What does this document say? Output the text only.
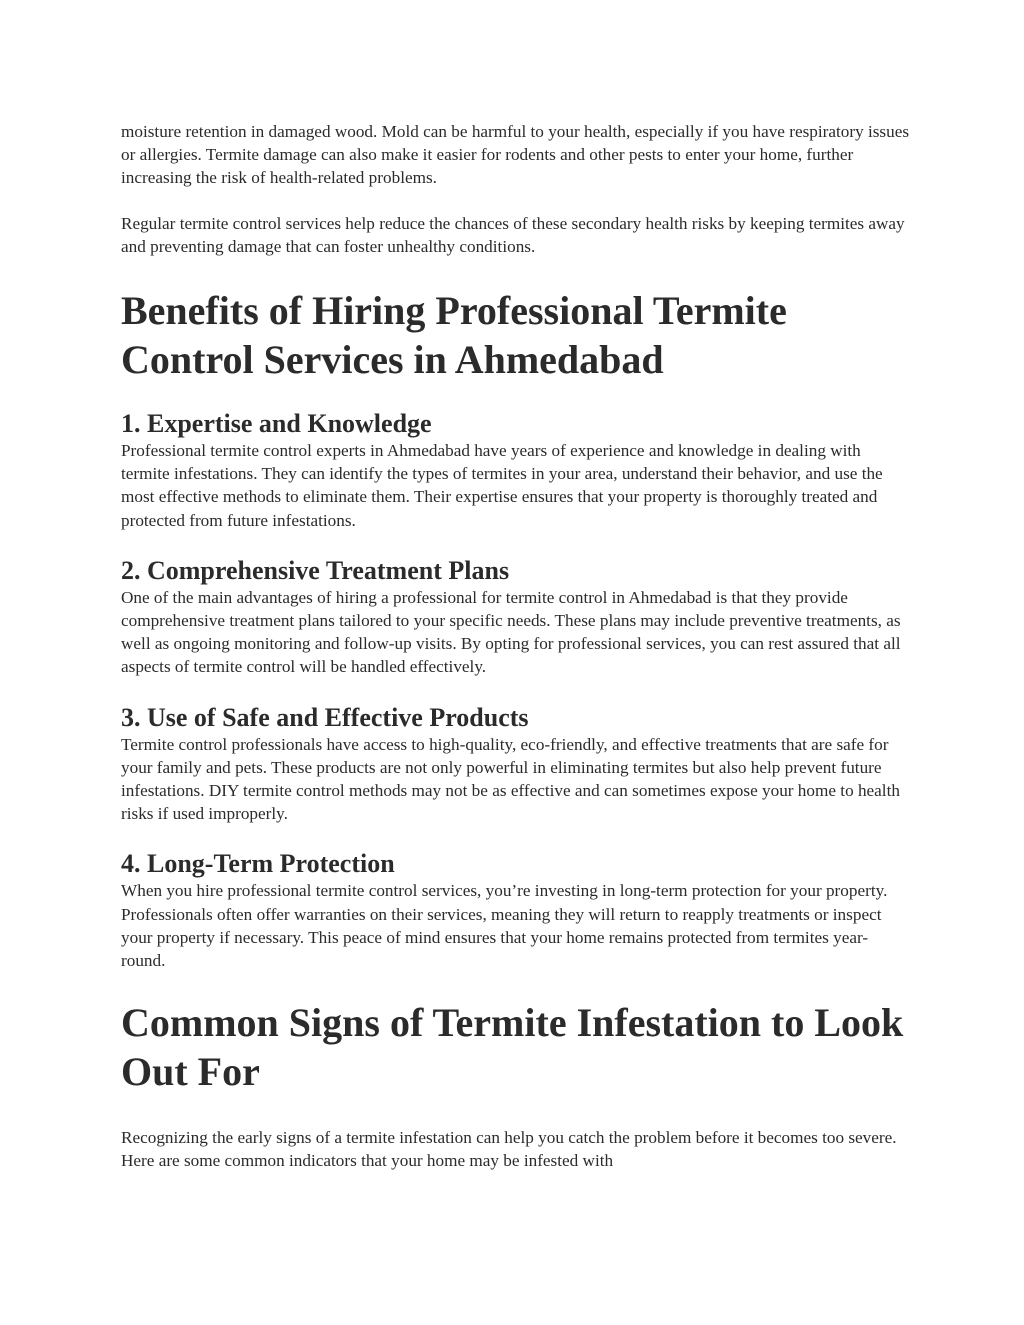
moisture retention in damaged wood. Mold can be harmful to your health, especially if you have respiratory issues or allergies. Termite damage can also make it easier for rodents and other pests to enter your home, further increasing the risk of health-related problems.

Regular termite control services help reduce the chances of these secondary health risks by keeping termites away and preventing damage that can foster unhealthy conditions.

Benefits of Hiring Professional Termite Control Services in Ahmedabad
1. Expertise and Knowledge

Professional termite control experts in Ahmedabad have years of experience and knowledge in dealing with termite infestations. They can identify the types of termites in your area, understand their behavior, and use the most effective methods to eliminate them. Their expertise ensures that your property is thoroughly treated and protected from future infestations.

2. Comprehensive Treatment Plans

One of the main advantages of hiring a professional for termite control in Ahmedabad is that they provide comprehensive treatment plans tailored to your specific needs. These plans may include preventive treatments, as well as ongoing monitoring and follow-up visits. By opting for professional services, you can rest assured that all aspects of termite control will be handled effectively.

3. Use of Safe and Effective Products

Termite control professionals have access to high-quality, eco-friendly, and effective treatments that are safe for your family and pets. These products are not only powerful in eliminating termites but also help prevent future infestations. DIY termite control methods may not be as effective and can sometimes expose your home to health risks if used improperly.

4. Long-Term Protection

When you hire professional termite control services, you’re investing in long-term protection for your property. Professionals often offer warranties on their services, meaning they will return to reapply treatments or inspect your property if necessary. This peace of mind ensures that your home remains protected from termites year-round.

Common Signs of Termite Infestation to Look Out For

Recognizing the early signs of a termite infestation can help you catch the problem before it becomes too severe. Here are some common indicators that your home may be infested with
